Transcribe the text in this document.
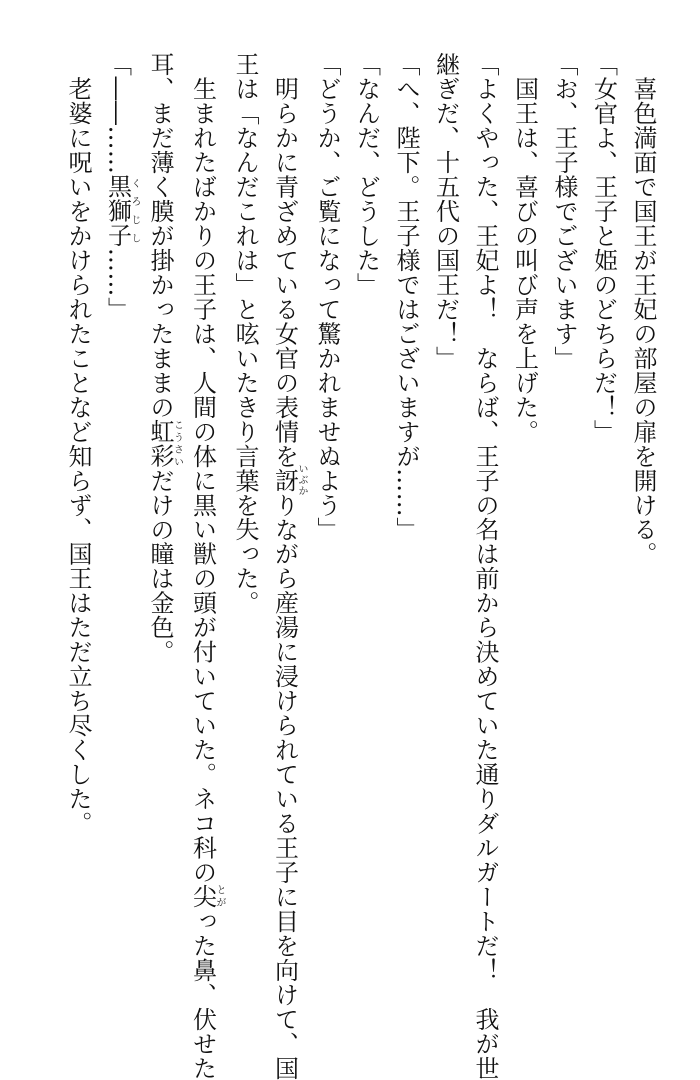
　喜色満面で国王が王妃の部屋の扉を開ける。
「女官よ、王子と姫のどちらだ！」
「お、王子様でございます」
　国王は、喜びの叫び声を上げた。
「よくやった、王妃よ！　ならば、王子の名は前から決めていた通りダルガートだ！　我が世
継ぎだ、十五代の国王だ！」
「へ、陛下。王子様ではございますが……」
「なんだ、どうした」
「どうか、ご覧になって驚かれませぬよう」
　明らかに青ざめている女官の表情を訝いぶかりながら産湯に浸けられている王子に目を向けて、国
王は「なんだこれは」と呟いたきり言葉を失った。
　生まれたばかりの王子は、人間の体に黒い獣の頭が付いていた。ネコ科の尖とがった鼻、伏せた
耳、まだ薄く膜が掛かったままの虹彩こうさいだけの瞳は金色。
「――……黒獅子くろじし……」
　老婆に呪いをかけられたことなど知らず、国王はただ立ち尽くした。
